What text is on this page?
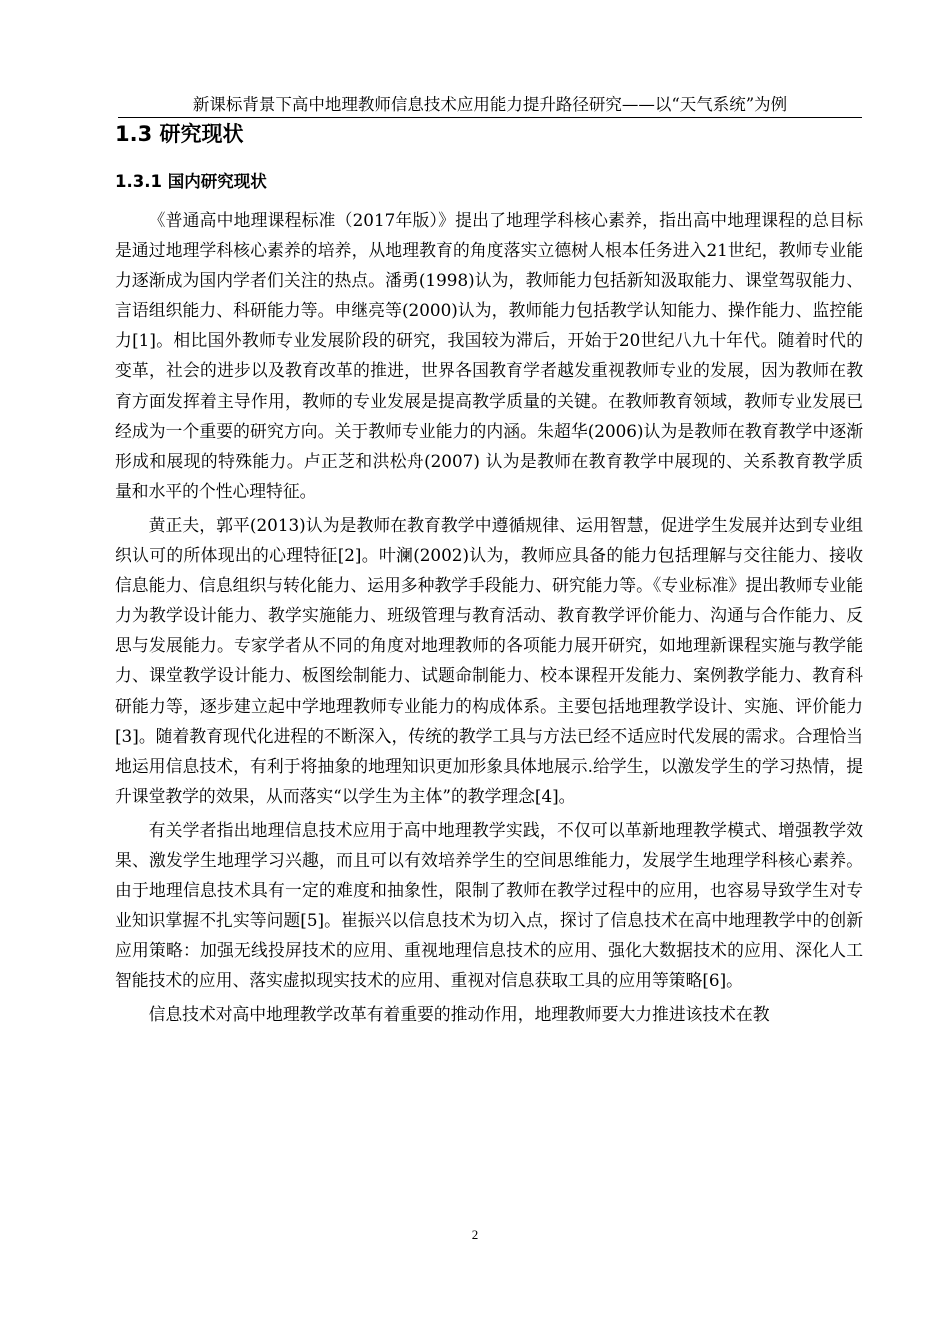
新课标背景下高中地理教师信息技术应用能力提升路径研究——以“天气系统”为例
1.3 研究现状
1.3.1 国内研究现状

《普通高中地理课程标准（2017年版）》提出了地理学科核心素养，指出高中地理课程的总目标是通过地理学科核心素养的培养，从地理教育的角度落实立德树人根本任务进入21世纪，教师专业能力逐渐成为国内学者们关注的热点。潘勇(1998)认为，教师能力包括新知汲取能力、课堂驾驭能力、言语组织能力、科研能力等。申继亮等(2000)认为，教师能力包括教学认知能力、操作能力、监控能力[1]。相比国外教师专业发展阶段的研究，我国较为滞后，开始于20世纪八九十年代。随着时代的变革，社会的进步以及教育改革的推进，世界各国教育学者越发重视教师专业的发展，因为教师在教育方面发挥着主导作用，教师的专业发展是提高教学质量的关键。在教师教育领域，教师专业发展已经成为一个重要的研究方向。关于教师专业能力的内涵。朱超华(2006)认为是教师在教育教学中逐渐形成和展现的特殊能力。卢正芝和洪松舟(2007) 认为是教师在教育教学中展现的、关系教育教学质量和水平的个性心理特征。

黄正夫，郭平(2013)认为是教师在教育教学中遵循规律、运用智慧，促进学生发展并达到专业组织认可的所体现出的心理特征[2]。叶澜(2002)认为，教师应具备的能力包括理解与交往能力、接收信息能力、信息组织与转化能力、运用多种教学手段能力、研究能力等。《专业标准》提出教师专业能力为教学设计能力、教学实施能力、班级管理与教育活动、教育教学评价能力、沟通与合作能力、反思与发展能力。专家学者从不同的角度对地理教师的各项能力展开研究，如地理新课程实施与教学能力、课堂教学设计能力、板图绘制能力、试题命制能力、校本课程开发能力、案例教学能力、教育科研能力等，逐步建立起中学地理教师专业能力的构成体系。主要包括地理教学设计、实施、评价能力[3]。随着教育现代化进程的不断深入，传统的教学工具与方法已经不适应时代发展的需求。合理恰当地运用信息技术，有利于将抽象的地理知识更加形象具体地展示.给学生，以激发学生的学习热情，提升课堂教学的效果，从而落实“以学生为主体”的教学理念[4]。

有关学者指出地理信息技术应用于高中地理教学实践，不仅可以革新地理教学模式、增强教学效果、激发学生地理学习兴趣，而且可以有效培养学生的空间思维能力，发展学生地理学科核心素养。由于地理信息技术具有一定的难度和抽象性，限制了教师在教学过程中的应用，也容易导致学生对专业知识掌握不扎实等问题[5]。崔振兴以信息技术为切入点，探讨了信息技术在高中地理教学中的创新应用策略：加强无线投屏技术的应用、重视地理信息技术的应用、强化大数据技术的应用、深化人工智能技术的应用、落实虚拟现实技术的应用、重视对信息获取工具的应用等策略[6]。

信息技术对高中地理教学改革有着重要的推动作用，地理教师要大力推进该技术在教

2
